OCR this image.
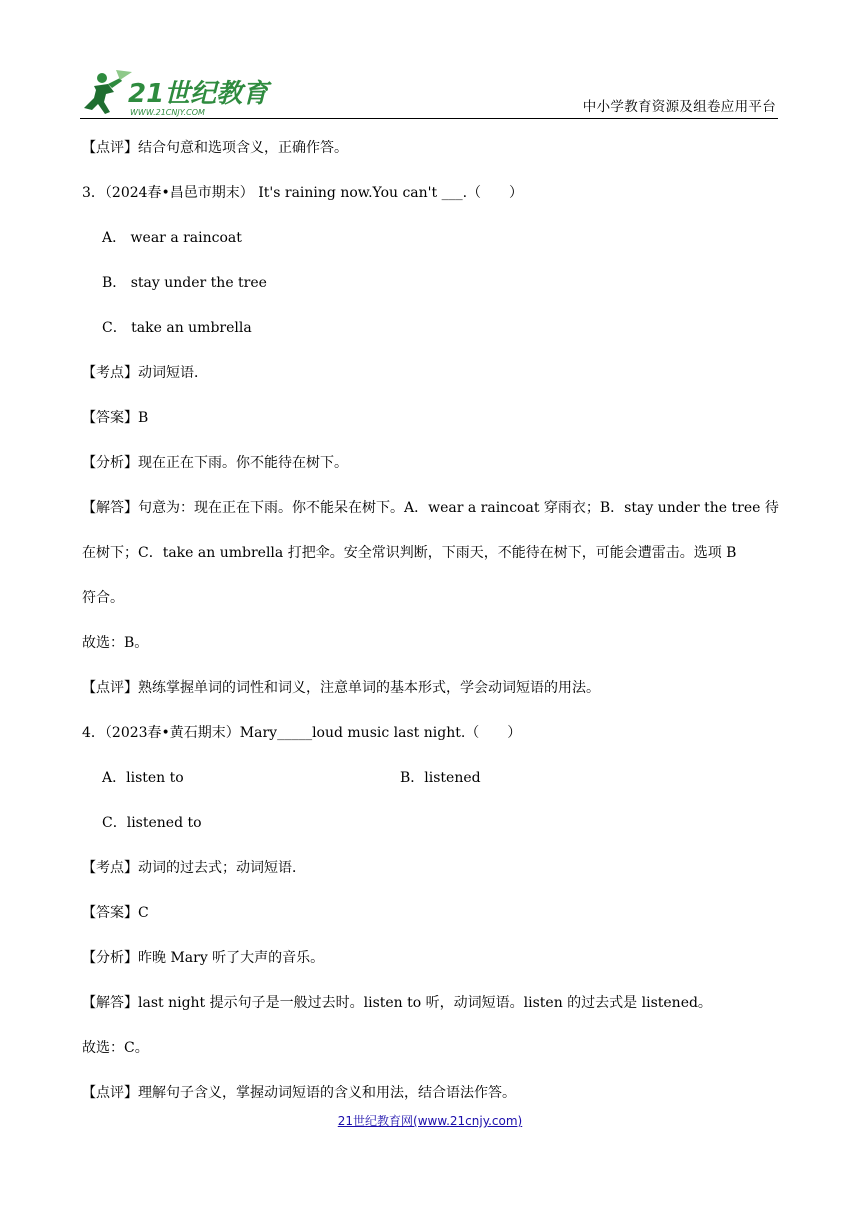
21世纪教育
WWW.21CNJY.COM	中小学教育资源及组卷应用平台
【点评】结合句意和选项含义，正确作答。
3．（2024春•昌邑市期末） It's raining now.You can't ___.（　　）
A． wear a raincoat
B． stay under the tree
C． take an umbrella
【考点】动词短语．
【答案】B
【分析】现在正在下雨。你不能待在树下。
【解答】句意为：现在正在下雨。你不能呆在树下。A．wear a raincoat 穿雨衣；B．stay under the tree 待
在树下；C．take an umbrella 打把伞。安全常识判断，下雨天，不能待在树下，可能会遭雷击。选项 B
符合。
故选：B。
【点评】熟练掌握单词的词性和词义，注意单词的基本形式，学会动词短语的用法。
4．（2023春•黄石期末）Mary_____loud music last night.（　　）
A．listen to	B．listened
C．listened to
【考点】动词的过去式；动词短语．
【答案】C
【分析】昨晚 Mary 听了大声的音乐。
【解答】last night 提示句子是一般过去时。listen to 听，动词短语。listen 的过去式是 listened。
故选：C。
【点评】理解句子含义，掌握动词短语的含义和用法，结合语法作答。
21世纪教育网(www.21cnjy.com)
